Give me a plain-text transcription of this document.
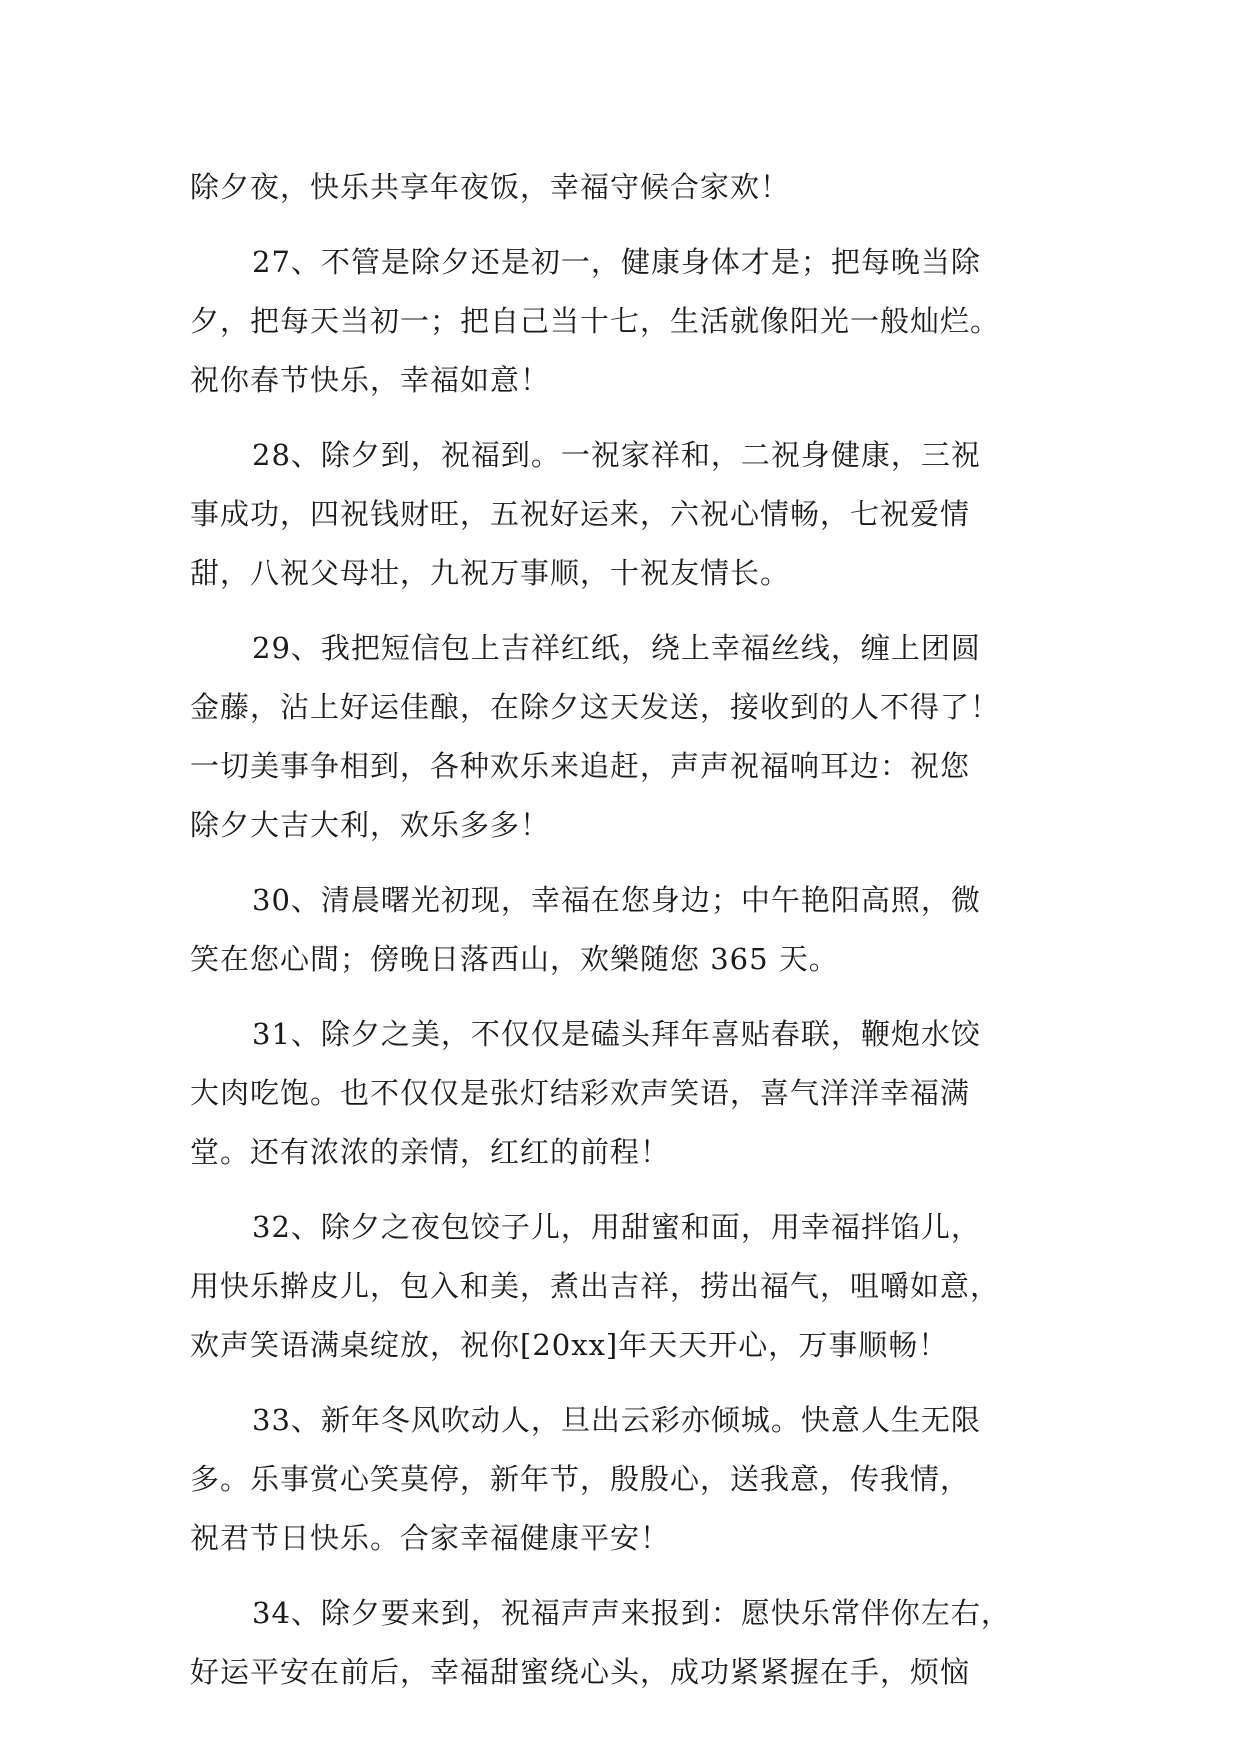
除夕夜，快乐共享年夜饭，幸福守候合家欢！
27、不管是除夕还是初一，健康身体才是；把每晚当除
夕，把每天当初一；把自己当十七，生活就像阳光一般灿烂。
祝你春节快乐，幸福如意！
28、除夕到，祝福到。一祝家祥和，二祝身健康，三祝
事成功，四祝钱财旺，五祝好运来，六祝心情畅，七祝爱情
甜，八祝父母壮，九祝万事顺，十祝友情长。
29、我把短信包上吉祥红纸，绕上幸福丝线，缠上团圆
金藤，沾上好运佳酿，在除夕这天发送，接收到的人不得了！
一切美事争相到，各种欢乐来追赶，声声祝福响耳边：祝您
除夕大吉大利，欢乐多多！
30、清晨曙光初现，幸福在您身边；中午艳阳高照，微
笑在您心間；傍晚日落西山，欢樂随您 365 天。
31、除夕之美，不仅仅是磕头拜年喜贴春联，鞭炮水饺
大肉吃饱。也不仅仅是张灯结彩欢声笑语，喜气洋洋幸福满
堂。还有浓浓的亲情，红红的前程！
32、除夕之夜包饺子儿，用甜蜜和面，用幸福拌馅儿，
用快乐擀皮儿，包入和美，煮出吉祥，捞出福气，咀嚼如意，
欢声笑语满桌绽放，祝你[20xx]年天天开心，万事顺畅！
33、新年冬风吹动人，旦出云彩亦倾城。快意人生无限
多。乐事赏心笑莫停，新年节，殷殷心，送我意，传我情，
祝君节日快乐。合家幸福健康平安！
34、除夕要来到，祝福声声来报到：愿快乐常伴你左右，
好运平安在前后，幸福甜蜜绕心头，成功紧紧握在手，烦恼
